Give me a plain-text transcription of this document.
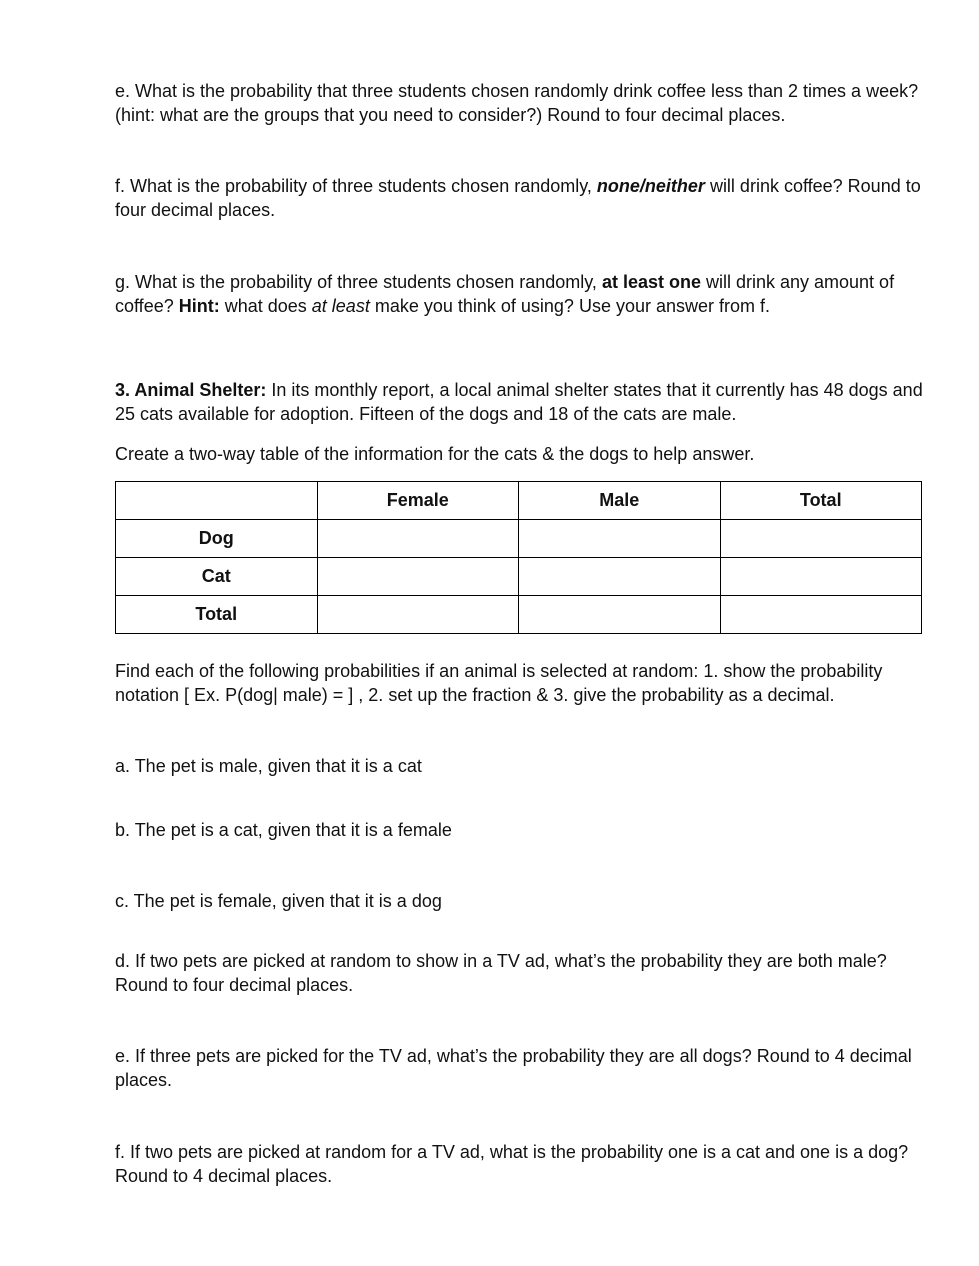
e. What is the probability that three students chosen randomly drink coffee less than 2 times a week? (hint: what are the groups that you need to consider?) Round to four decimal places.

f. What is the probability of three students chosen randomly, none/neither will drink coffee? Round to four decimal places.

g. What is the probability of three students chosen randomly, at least one will drink any amount of coffee? Hint: what does at least make you think of using? Use your answer from f.

3. Animal Shelter: In its monthly report, a local animal shelter states that it currently has 48 dogs and 25 cats available for adoption. Fifteen of the dogs and 18 of the cats are male.

Create a two-way table of the information for the cats & the dogs to help answer.

	Female	Male	Total
Dog			
Cat			
Total			

Find each of the following probabilities if an animal is selected at random: 1. show the probability notation [ Ex. P(dog| male) = ] , 2. set up the fraction & 3. give the probability as a decimal.

a. The pet is male, given that it is a cat

b. The pet is a cat, given that it is a female

c. The pet is female, given that it is a dog

d. If two pets are picked at random to show in a TV ad, what’s the probability they are both male? Round to four decimal places.

e. If three pets are picked for the TV ad, what’s the probability they are all dogs? Round to 4 decimal places.

f. If two pets are picked at random for a TV ad, what is the probability one is a cat and one is a dog? Round to 4 decimal places.
